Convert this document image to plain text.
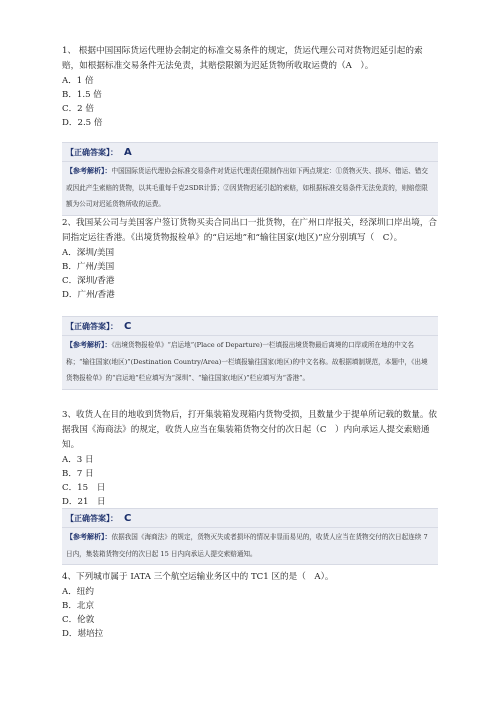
1、 根据中国国际货运代理协会制定的标准交易条件的规定，货运代理公司对货物迟延引起的索赔，如根据标准交易条件无法免责，其赔偿限额为迟延货物所收取运费的（A　）。

A．1 倍

B．1.5 倍

C．2 倍

D．2.5 倍

【正确答案】： A
【参考解析】：中国国际货运代理协会标准交易条件对货运代理责任限制作出如下两点规定：①货物灭失、损坏、错运、错交或因此产生索赔的货物，以其毛重每千克2SDR计算；②因货物迟延引起的索赔，如根据标准交易条件无法免责的，则赔偿限额为公司对迟延货物所收的运费。

2、我国某公司与美国客户签订货物买卖合同出口一批货物，在广州口岸报关，经深圳口岸出境，合同指定运往香港。《出境货物报检单》的“启运地”和“输往国家(地区)”应分别填写（　C）。

A．深圳/美国

B．广州/美国

C．深圳/香港

D．广州/香港

【正确答案】： C
【参考解析】：《出境货物报检单》“启运地”(Place of Departure)一栏填报出境货物最后离境的口岸或所在地的中文名称；“输往国家(地区)”(Destination Country/Area)一栏填报输往国家(地区)的中文名称。故根据填制规范，本题中，《出境货物报检单》的“启运地”栏应填写为“深圳”、“输往国家(地区)”栏应填写为“香港”。

3、收货人在目的地收到货物后，打开集装箱发现箱内货物受损，且数量少于提单所记载的数量。依据我国《海商法》的规定，收货人应当在集装箱货物交付的次日起（C　）内向承运人提交索赔通知。

A．3 日

B．7 日

C．15　日

D．21　日

【正确答案】： C
【参考解析】：依据我国《海商法》的规定，货物灭失或者损坏的情况非显而易见的，收货人应当在货物交付的次日起连续 7　日内，集装箱货物交付的次日起 15 日内向承运人提交索赔通知。

4、下列城市属于 IATA 三个航空运输业务区中的 TC1 区的是（　A）。

A．纽约

B．北京

C．伦敦

D．堪培拉
